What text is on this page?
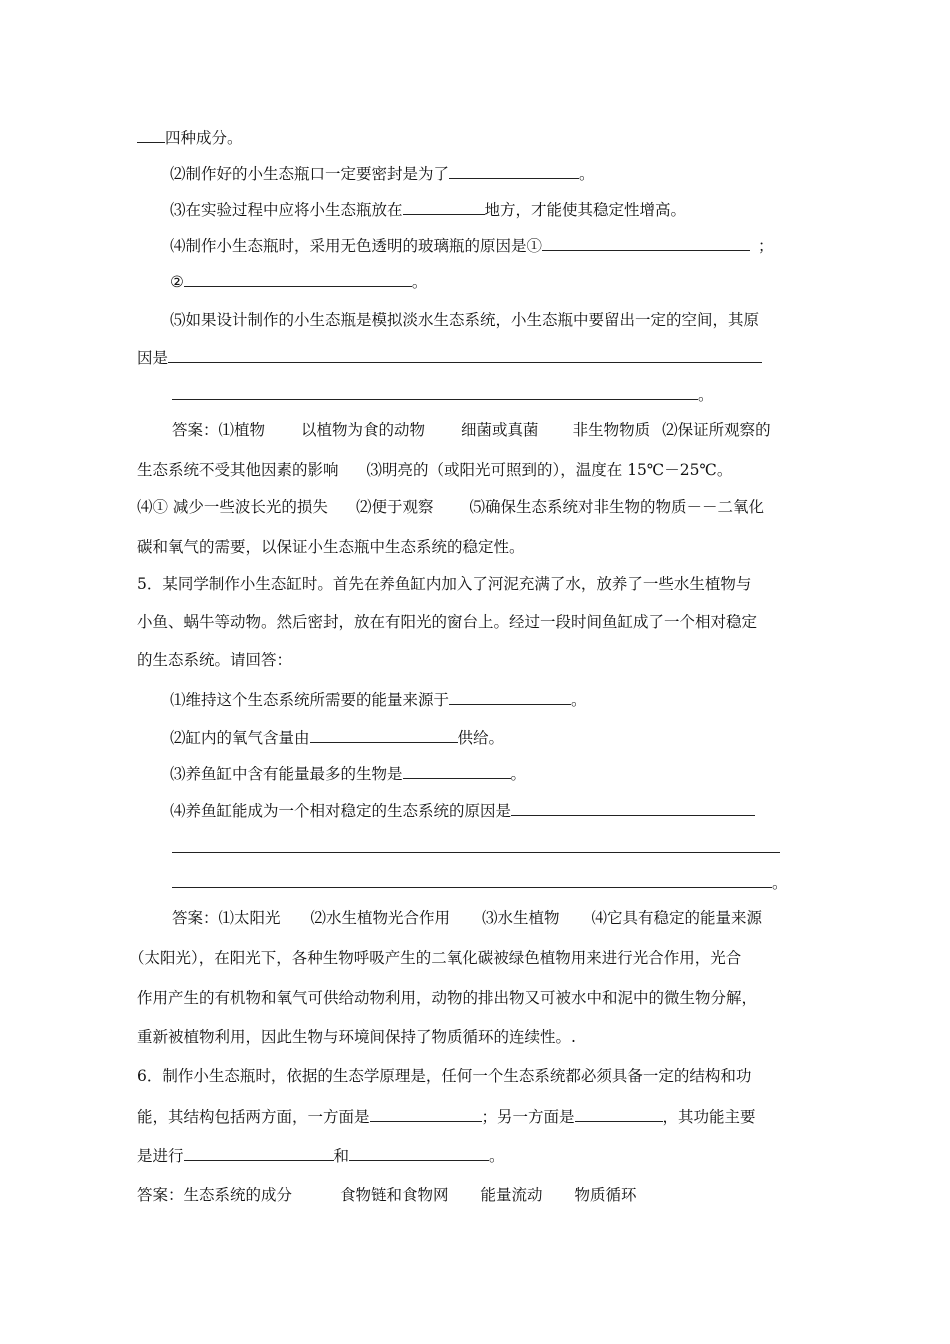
四种成分。
⑵制作好的小生态瓶口一定要密封是为了	。
⑶在实验过程中应将小生态瓶放在	地方，才能使其稳定性增高。
⑷制作小生态瓶时，采用无色透明的玻璃瓶的原因是①	；
②	。
⑸如果设计制作的小生态瓶是模拟淡水生态系统，小生态瓶中要留出一定的空间，其原
因是
。
答案：⑴植物 以植物为食的动物 细菌或真菌 非生物物质 ⑵保证所观察的
生态系统不受其他因素的影响 ⑶明亮的（或阳光可照到的），温度在 15℃－25℃。
⑷① 减少一些波长光的损失 ⑵便于观察 ⑸确保生态系统对非生物的物质－－二氧化
碳和氧气的需要，以保证小生态瓶中生态系统的稳定性。
5．某同学制作小生态缸时。首先在养鱼缸内加入了河泥充满了水，放养了一些水生植物与
小鱼、蜗牛等动物。然后密封，放在有阳光的窗台上。经过一段时间鱼缸成了一个相对稳定
的生态系统。请回答：
⑴维持这个生态系统所需要的能量来源于	。
⑵缸内的氧气含量由	供给。
⑶养鱼缸中含有能量最多的生物是	。
⑷养鱼缸能成为一个相对稳定的生态系统的原因是
。
答案：⑴太阳光 ⑵水生植物光合作用 ⑶水生植物 ⑷它具有稳定的能量来源
（太阳光），在阳光下，各种生物呼吸产生的二氧化碳被绿色植物用来进行光合作用，光合
作用产生的有机物和氧气可供给动物利用，动物的排出物又可被水中和泥中的微生物分解，
重新被植物利用，因此生物与环境间保持了物质循环的连续性。.
6．制作小生态瓶时，依据的生态学原理是，任何一个生态系统都必须具备一定的结构和功
能，其结构包括两方面，一方面是	；另一方面是	，其功能主要
是进行	和	。
答案：生态系统的成分	食物链和食物网 能量流动 物质循环
